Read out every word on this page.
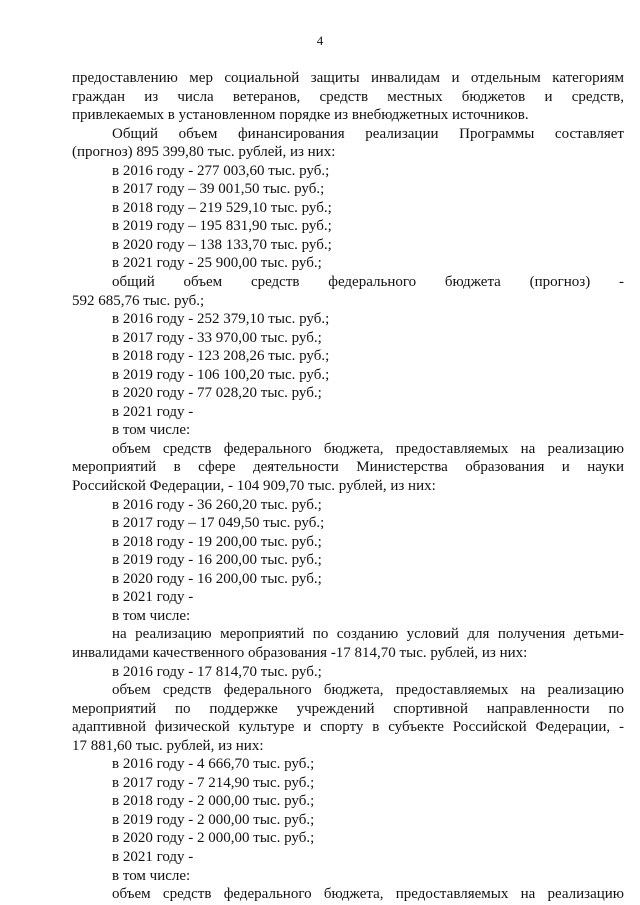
4
предоставлению мер социальной защиты инвалидам и отдельным категориям
граждан из числа ветеранов, средств местных бюджетов и средств,
привлекаемых в установленном порядке из внебюджетных источников.
Общий объем финансирования реализации Программы составляет
(прогноз) 895 399,80 тыс. рублей, из них:
в 2016 году - 277 003,60 тыс. руб.;
в 2017 году – 39 001,50 тыс. руб.;
в 2018 году – 219 529,10 тыс. руб.;
в 2019 году – 195 831,90 тыс. руб.;
в 2020 году – 138 133,70 тыс. руб.;
в 2021 году - 25 900,00 тыс. руб.;
общий объем средств федерального бюджета (прогноз) -
592 685,76 тыс. руб.;
в 2016 году - 252 379,10 тыс. руб.;
в 2017 году - 33 970,00 тыс. руб.;
в 2018 году - 123 208,26 тыс. руб.;
в 2019 году - 106 100,20 тыс. руб.;
в 2020 году - 77 028,20 тыс. руб.;
в 2021 году -
в том числе:
объем средств федерального бюджета, предоставляемых на реализацию
мероприятий в сфере деятельности Министерства образования и науки
Российской Федерации, - 104 909,70 тыс. рублей, из них:
в 2016 году - 36 260,20 тыс. руб.;
в 2017 году – 17 049,50 тыс. руб.;
в 2018 году - 19 200,00 тыс. руб.;
в 2019 году - 16 200,00 тыс. руб.;
в 2020 году - 16 200,00 тыс. руб.;
в 2021 году -
в том числе:
на реализацию мероприятий по созданию условий для получения детьми-
инвалидами качественного образования -17 814,70 тыс. рублей, из них:
в 2016 году - 17 814,70 тыс. руб.;
объем средств федерального бюджета, предоставляемых на реализацию
мероприятий по поддержке учреждений спортивной направленности по
адаптивной физической культуре и спорту в субъекте Российской Федерации, -
17 881,60 тыс. рублей, из них:
в 2016 году - 4 666,70 тыс. руб.;
в 2017 году - 7 214,90 тыс. руб.;
в 2018 году - 2 000,00 тыс. руб.;
в 2019 году - 2 000,00 тыс. руб.;
в 2020 году - 2 000,00 тыс. руб.;
в 2021 году -
в том числе:
объем средств федерального бюджета, предоставляемых на реализацию
